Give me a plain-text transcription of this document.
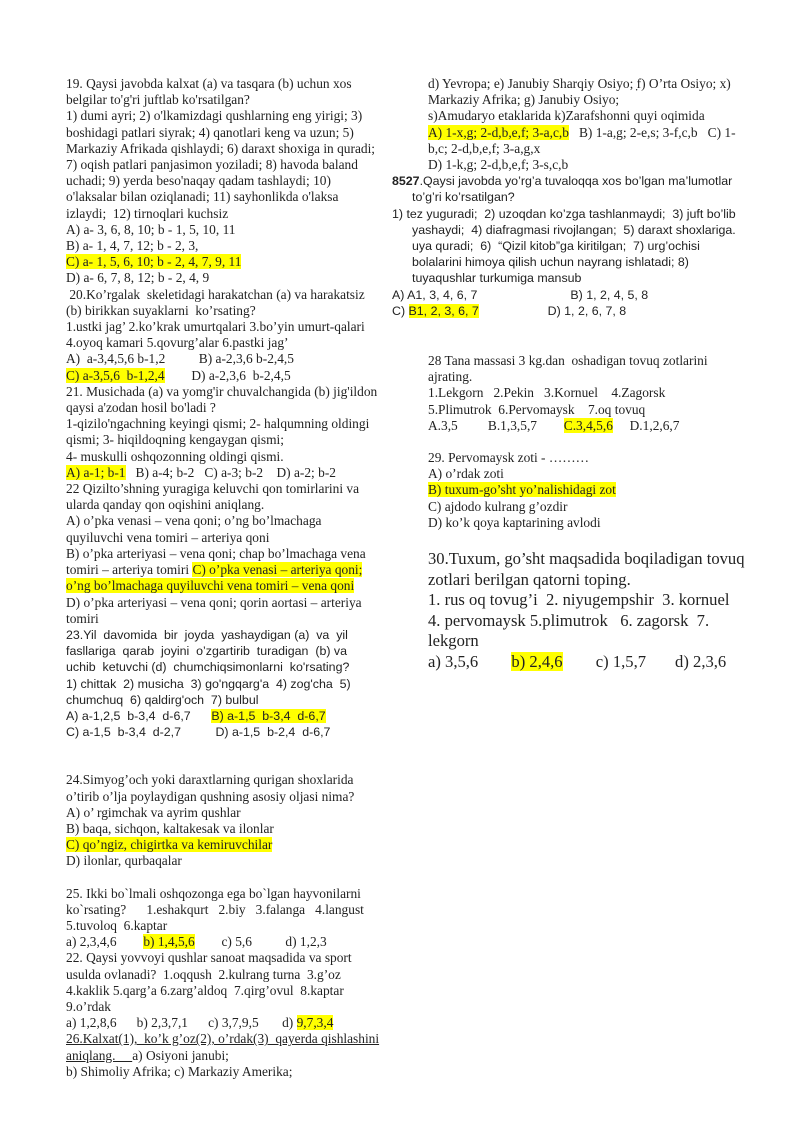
19. Qaysi javobda kalxat (a) va tasqara (b) uchun xos
belgilar to'g'ri juftlab ko'rsatilgan?
1) dumi ayri; 2) o'lkamizdagi qushlarning eng yirigi; 3)
boshidagi patlari siyrak; 4) qanotlari keng va uzun; 5)
Markaziy Afrikada qishlaydi; 6) daraxt shoxiga in quradi;
7) oqish patlari panjasimon yoziladi; 8) havoda baland
uchadi; 9) yerda beso'naqay qadam tashlaydi; 10)
o'laksalar bilan oziqlanadi; 11) sayhonlikda o'laksa
izlaydi;  12) tirnoqlari kuchsiz
A) a- 3, 6, 8, 10; b - 1, 5, 10, 11
B) a- 1, 4, 7, 12; b - 2, 3,
C) a- 1, 5, 6, 10; b - 2, 4, 7, 9, 11
D) a- 6, 7, 8, 12; b - 2, 4, 9
20.Ko’rgalak  skeletidagi harakatchan (a) va harakatsiz
(b) birikkan suyaklarni  ko’rsating?
1.ustki jag’ 2.ko’krak umurtqalari 3.bo’yin umurt-qalari
4.oyoq kamari 5.qovurg’alar 6.pastki jag’
A)  a-3,4,5,6 b-1,2          B) a-2,3,6 b-2,4,5
C) a-3,5,6  b-1,2,4        D) a-2,3,6  b-2,4,5
21. Musichada (a) va yomg'ir chuvalchangida (b) jig'ildon
qaysi a'zodan hosil bo'ladi ?
1-qizilo'ngachning keyingi qismi; 2- halqumning oldingi
qismi; 3- hiqildoqning kengaygan qismi;
4- muskulli oshqozonning oldingi qismi.
A) a-1; b-1   B) a-4; b-2   C) a-3; b-2    D) a-2; b-2
22 Qizilto’shning yuragiga keluvchi qon tomirlarini va
ularda qanday qon oqishini aniqlang.
A) o’pka venasi – vena qoni; o’ng bo’lmachaga
quyiluvchi vena tomiri – arteriya qoni
B) o’pka arteriyasi – vena qoni; chap bo’lmachaga vena
tomiri – arteriya tomiri C) o’pka venasi – arteriya qoni;
o’ng bo’lmachaga quyiluvchi vena tomiri – vena qoni
D) o’pka arteriyasi – vena qoni; qorin aortasi – arteriya
tomiri
23.Yil  davomida  bir  joyda  yashaydigan (a)  va  yil
fasllariga  qarab  joyini  o’zgartirib  turadigan  (b) va
uchib  ketuvchi (d)  chumchiqsimonlarni  ko'rsating?
1) chittak  2) musicha  3) go'ngqarg'a  4) zog'cha  5)
chumchuq  6) qaldirg'och  7) bulbul
A) a-1,2,5  b-3,4  d-6,7      B) a-1,5  b-3,4  d-6,7
C) a-1,5  b-3,4  d-2,7          D) a-1,5  b-2,4  d-6,7
24.Simyog’och yoki daraxtlarning qurigan shoxlarida
o’tirib o’lja poylaydigan qushning asosiy oljasi nima?
A) o’ rgimchak va ayrim qushlar
B) baqa, sichqon, kaltakesak va ilonlar
C) qo’ngiz, chigirtka va kemiruvchilar
D) ilonlar, qurbaqalar
25. Ikki bo`lmali oshqozonga ega bo`lgan hayvonilarni
ko`rsating?      1.eshakqurt   2.biy   3.falanga   4.langust
5.tuvoloq  6.kaptar
a) 2,3,4,6        b) 1,4,5,6        c) 5,6          d) 1,2,3
22. Qaysi yovvoyi qushlar sanoat maqsadida va sport
usulda ovlanadi?  1.oqqush  2.kulrang turna  3.g’oz
4.kaklik 5.qarg’a 6.zarg’aldoq  7.qirg’ovul  8.kaptar
9.o’rdak
a) 1,2,8,6      b) 2,3,7,1      c) 3,7,9,5       d) 9,7,3,4
26.Kalxat(1),  ko’k g’oz(2), o’rdak(3)  qayerda qishlashini
aniqlang.     a) Osiyoni janubi;
b) Shimoliy Afrika; c) Markaziy Amerika;
d) Yevropa; e) Janubiy Sharqiy Osiyo; ̣f) O’rta Osiyo; x)
Markaziy Afrika; g) Janubiy Osiyo;
s)Amudaryo etaklarida k)Zarafshonni quyi oqimida
A) 1-x,g; 2-d,b,e,f; 3-a,c,b   B) 1-a,g; 2-e,s; 3-f,c,b   C) 1-
b,c; 2-d,b,e,f; 3-a,g,x
D) 1-k,g; 2-d,b,e,f; 3-s,c,b
8527.Qaysi javobda yo’rg’a tuvaloqqa xos bo’lgan ma’lumotlar
to’g’ri ko’rsatilgan?
1) tez yuguradi;  2) uzoqdan ko’zga tashlanmaydi;  3) juft bo’lib
yashaydi;  4) diafragmasi rivojlangan;  5) daraxt shoxlariga.
uya quradi;  6)  “Qizil kitob”ga kiritilgan;  7) urg’ochisi
bolalarini himoya qilish uchun nayrang ishlatadi; 8)
tuyaqushlar turkumiga mansub
A) A1, 3, 4, 6, 7                           B) 1, 2, 4, 5, 8
C) B1, 2, 3, 6, 7                    D) 1, 2, 6, 7, 8
28 Tana massasi 3 kg.dan  oshadigan tovuq zotlarini
ajrating.
1.Lekgorn   2.Pekin   3.Kornuel    4.Zagorsk
5.Plimutrok  6.Pervomaysk    7.oq tovuq
A.3,5         B.1,3,5,7        C.3,4,5,6     D.1,2,6,7
29. Pervomaysk zoti - ………
A) o’rdak zoti
B) tuxum-go’sht yo’nalishidagi zot
C) ajdodo kulrang g’ozdir
D) ko’k qoya kaptarining avlodi
30.Tuxum, go’sht maqsadida boqiladigan tovuq
zotlari berilgan qatorni toping.
1. rus oq tovug’i  2. niyugempshir  3. kornuel
4. pervomaysk 5.plimutrok   6. zagorsk  7.
lekgorn
a) 3,5,6        b) 2,4,6        c) 1,5,7       d) 2,3,6
